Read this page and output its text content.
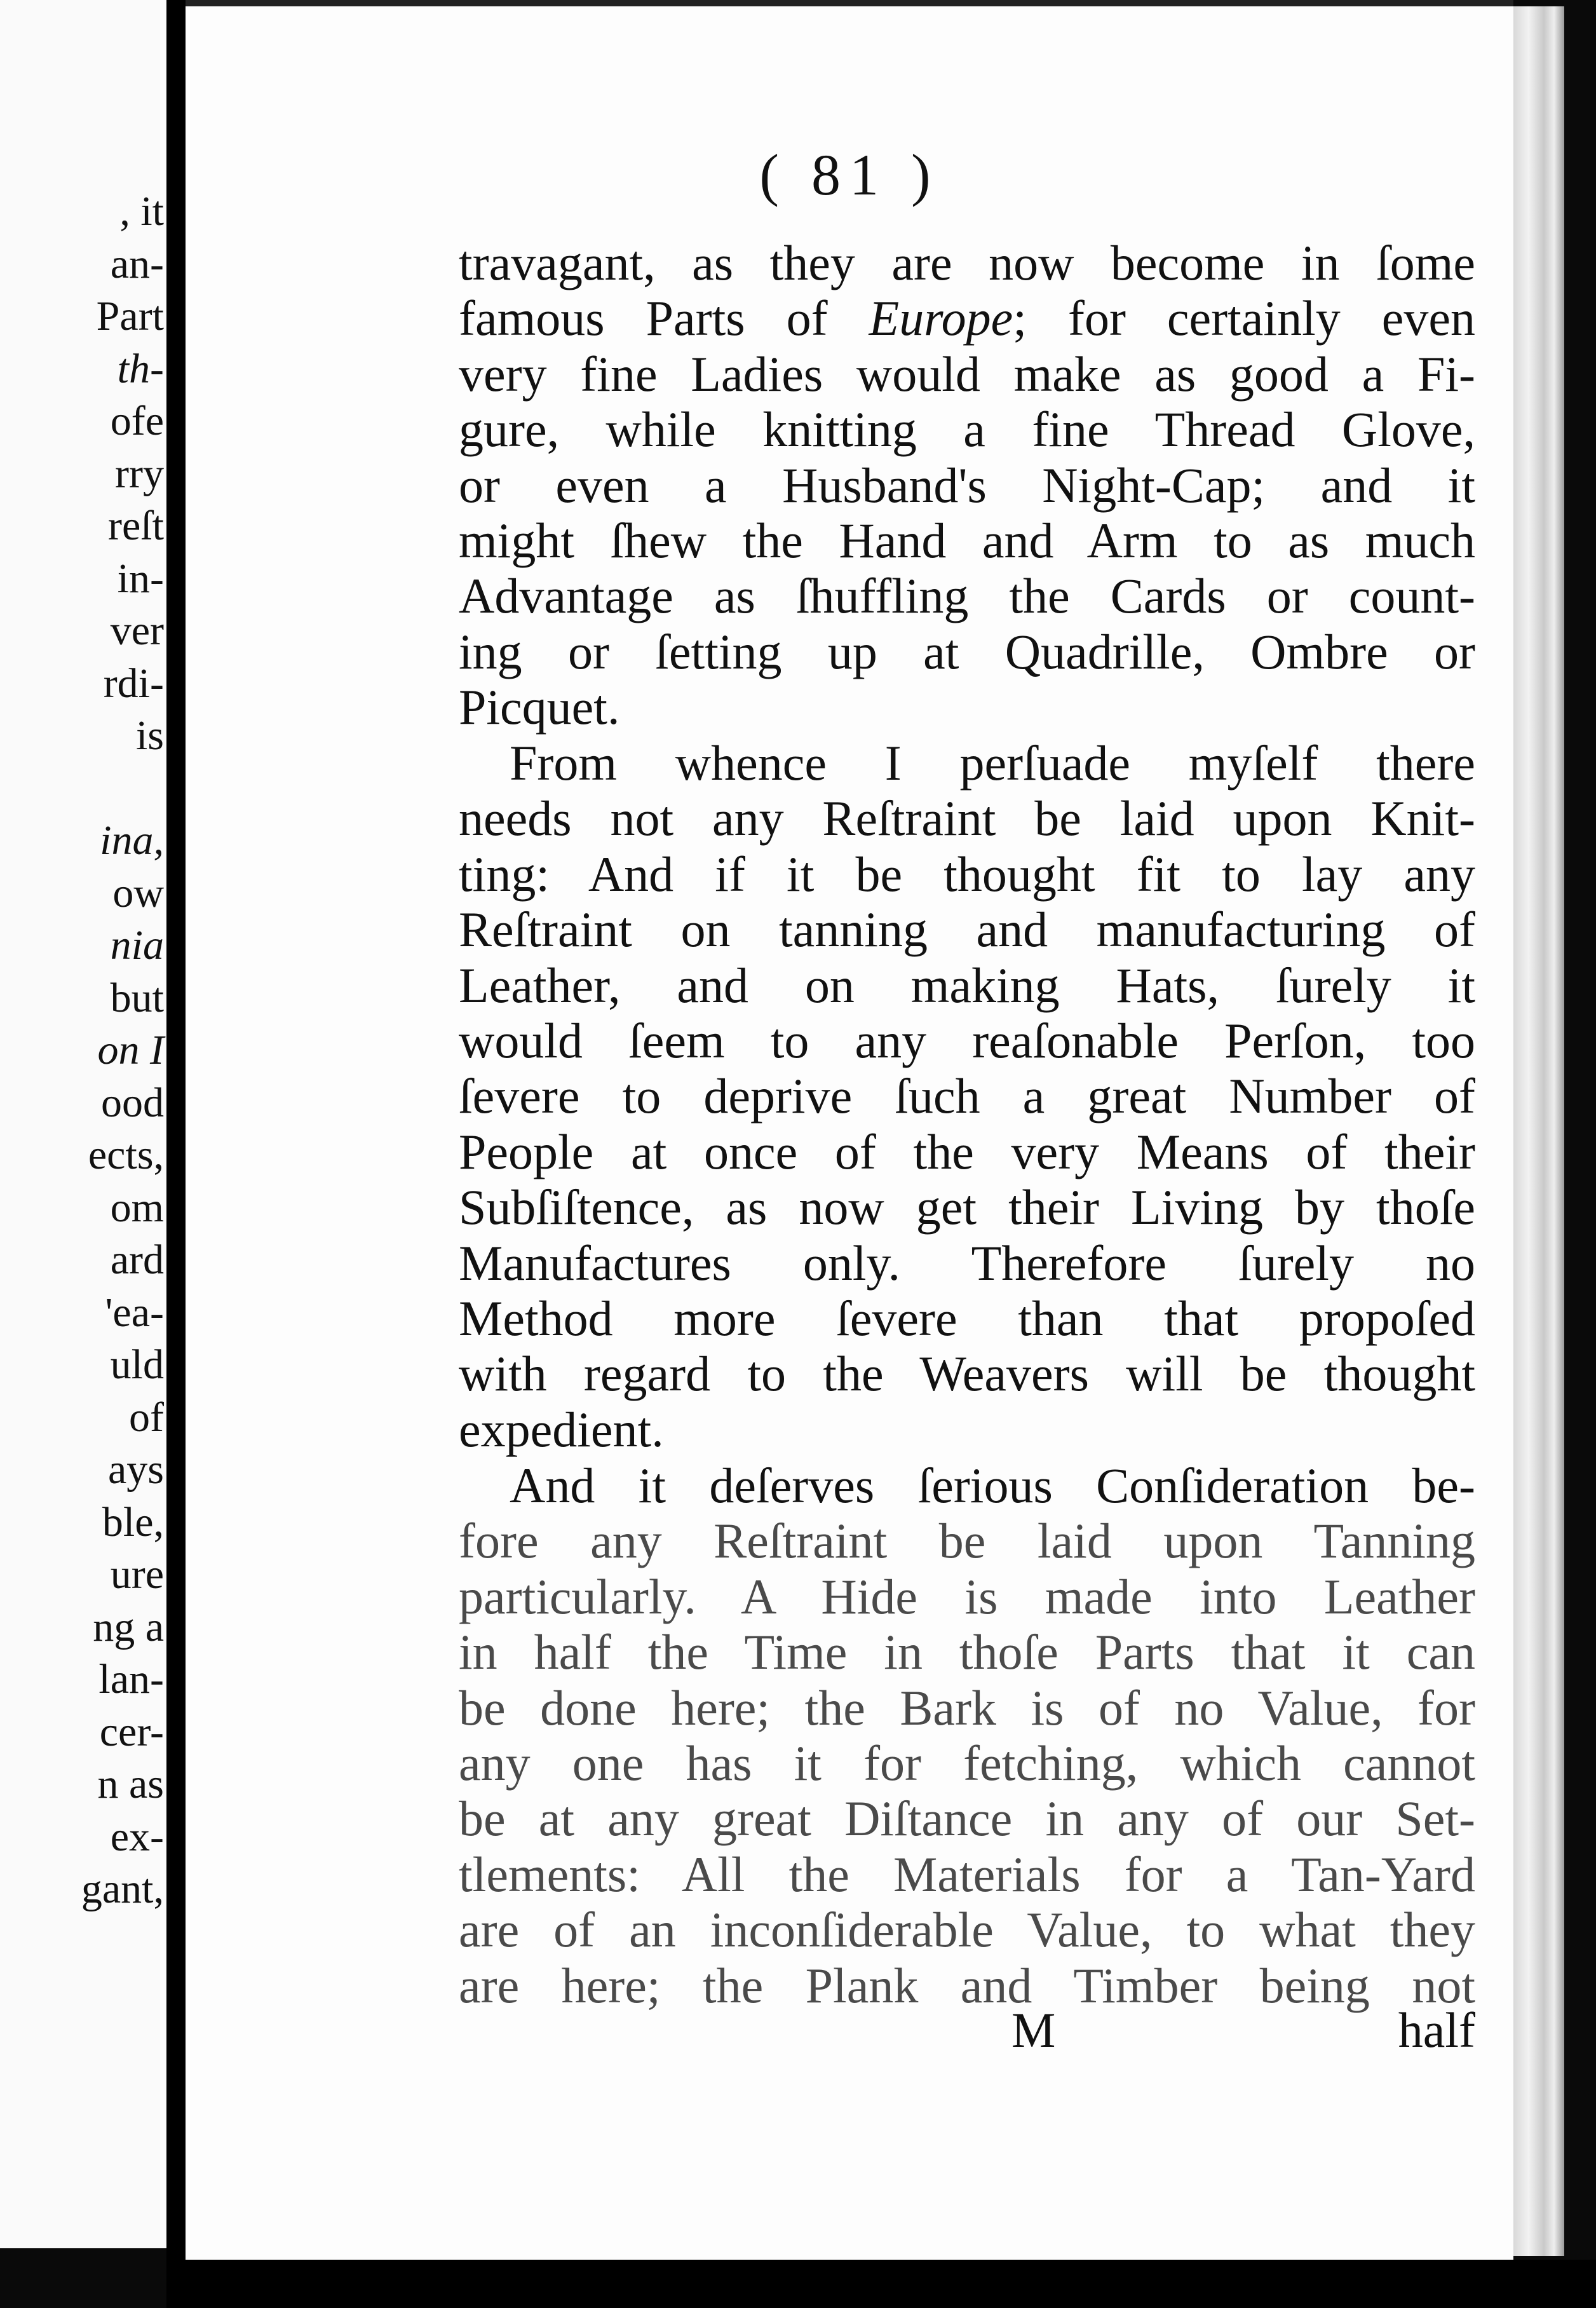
, it
an-
Part
th-
ofe
rry
reſt
in-
ver
rdi-
is
ina,
ow
nia
but
on I
ood
ects,
om
ard
'ea-
uld
of
ays
ble,
ure
ng a
lan-
cer-
n as
ex-
gant,
( 81 )
travagant, as they are now become in ſome
famous Parts of Europe; for certainly even
very fine Ladies would make as good a Fi-
gure, while knitting a fine Thread Glove,
or even a Husband's Night-Cap; and it
might ſhew the Hand and Arm to as much
Advantage as ſhuffling the Cards or count-
ing or ſetting up at Quadrille, Ombre or
Picquet.
From whence I perſuade myſelf there
needs not any Reſtraint be laid upon Knit-
ting: And if it be thought fit to lay any
Reſtraint on tanning and manufacturing of
Leather, and on making Hats, ſurely it
would ſeem to any reaſonable Perſon, too
ſevere to deprive ſuch a great Number of
People at once of the very Means of their
Subſiſtence, as now get their Living by thoſe
Manufactures only. Therefore ſurely no
Method more ſevere than that propoſed
with regard to the Weavers will be thought
expedient.
And it deſerves ſerious Conſideration be-
fore any Reſtraint be laid upon Tanning
particularly. A Hide is made into Leather
in half the Time in thoſe Parts that it can
be done here; the Bark is of no Value, for
any one has it for fetching, which cannot
be at any great Diſtance in any of our Set-
tlements: All the Materials for a Tan-Yard
are of an inconſiderable Value, to what they
are here; the Plank and Timber being not
M	half
